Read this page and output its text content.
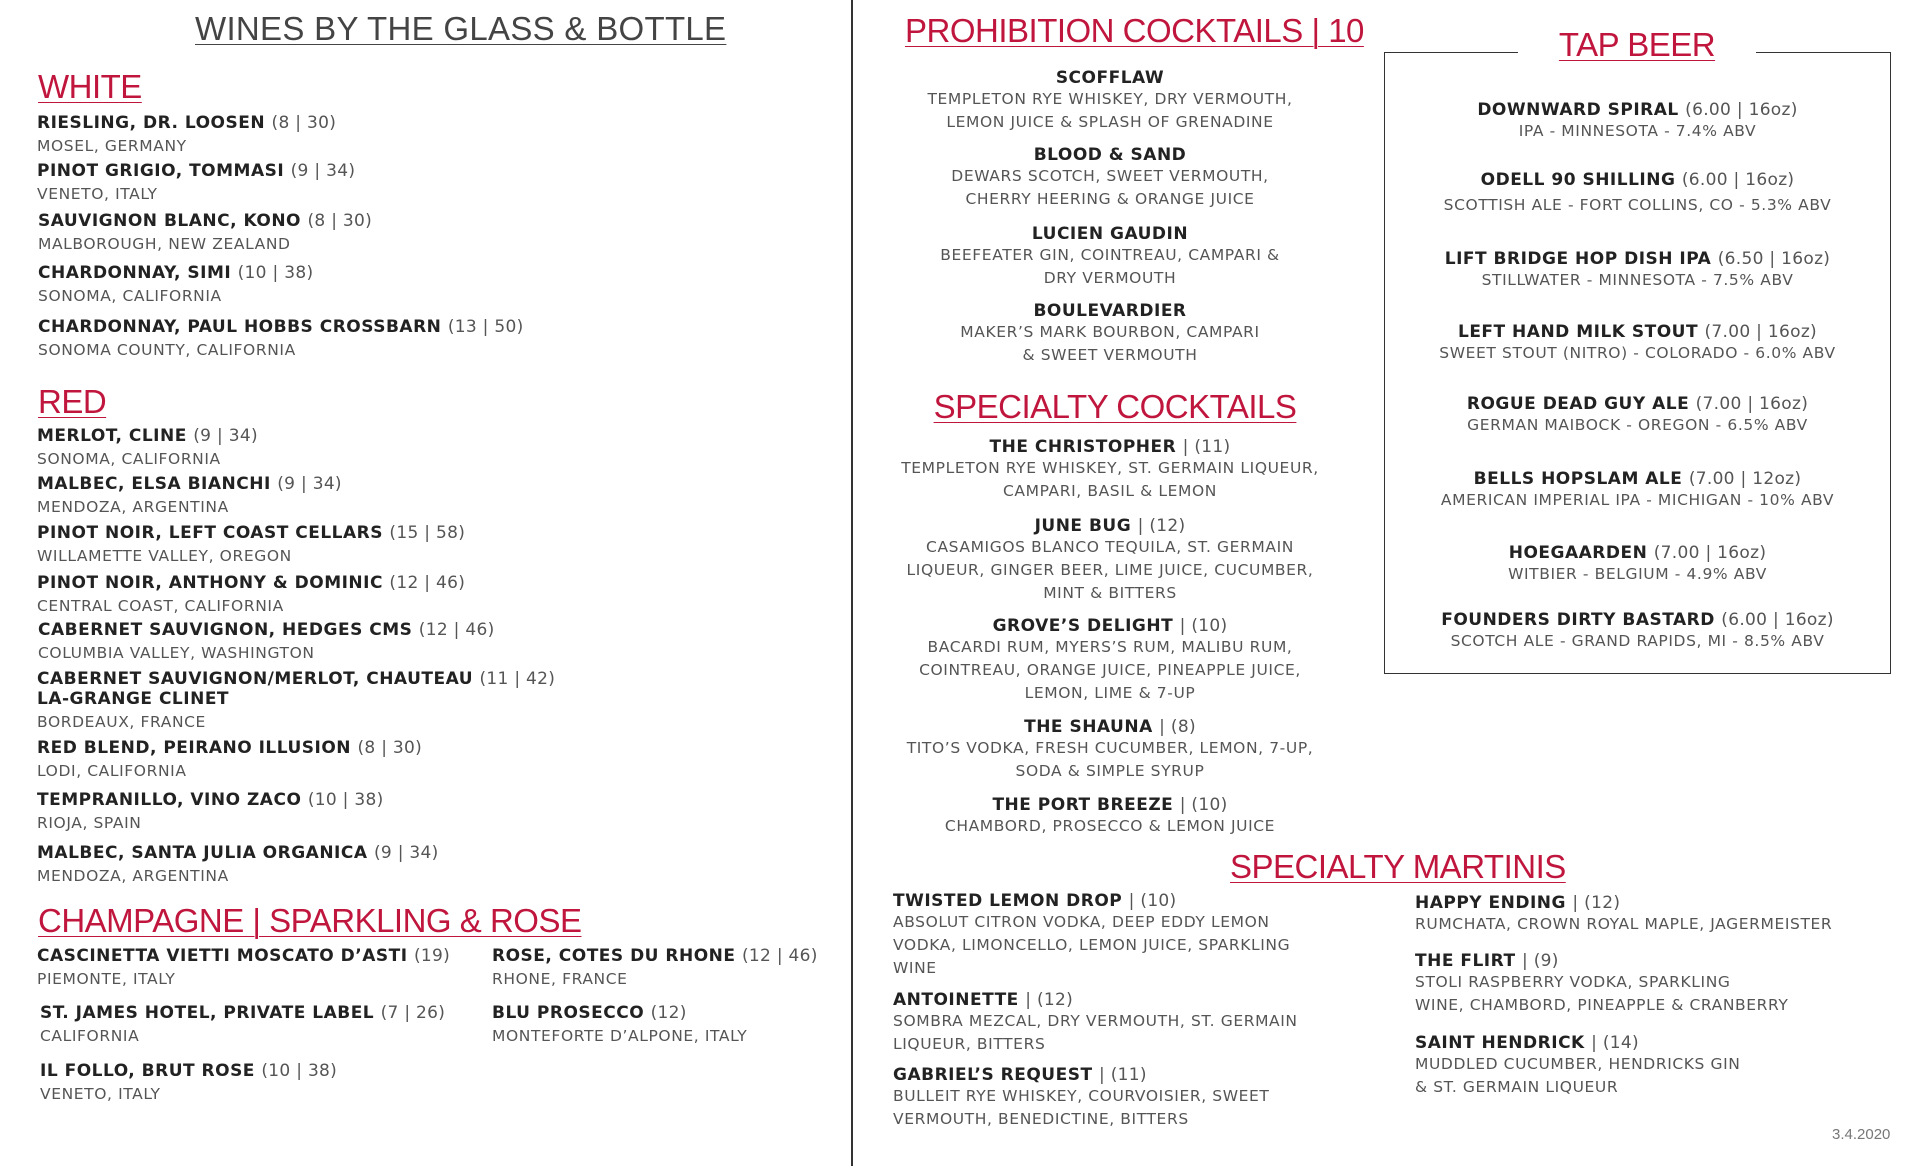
WINES BY THE GLASS & BOTTLE
WHITE
RIESLING, DR. LOOSEN (8 | 30)
MOSEL, GERMANY
PINOT GRIGIO, TOMMASI (9 | 34)
VENETO, ITALY
SAUVIGNON BLANC, KONO (8 | 30)
MALBOROUGH, NEW ZEALAND
CHARDONNAY, SIMI (10 | 38)
SONOMA, CALIFORNIA
CHARDONNAY, PAUL HOBBS CROSSBARN (13 | 50)
SONOMA COUNTY, CALIFORNIA
RED
MERLOT, CLINE (9 | 34)
SONOMA, CALIFORNIA
MALBEC, ELSA BIANCHI (9 | 34)
MENDOZA, ARGENTINA
PINOT NOIR, LEFT COAST CELLARS (15 | 58)
WILLAMETTE VALLEY, OREGON
PINOT NOIR, ANTHONY & DOMINIC (12 | 46)
CENTRAL COAST, CALIFORNIA
CABERNET SAUVIGNON, HEDGES CMS (12 | 46)
COLUMBIA VALLEY, WASHINGTON
CABERNET SAUVIGNON/MERLOT, CHAUTEAU (11 | 42)
LA-GRANGE CLINET
BORDEAUX, FRANCE
RED BLEND, PEIRANO ILLUSION (8 | 30)
LODI, CALIFORNIA
TEMPRANILLO, VINO ZACO (10 | 38)
RIOJA, SPAIN
MALBEC, SANTA JULIA ORGANICA (9 | 34)
MENDOZA, ARGENTINA
CHAMPAGNE | SPARKLING & ROSE
CASCINETTA VIETTI MOSCATO D’ASTI (19)
PIEMONTE, ITALY
ST. JAMES HOTEL, PRIVATE LABEL (7 | 26)
CALIFORNIA
IL FOLLO, BRUT ROSE (10 | 38)
VENETO, ITALY
ROSE, COTES DU RHONE (12 | 46)
RHONE, FRANCE
BLU PROSECCO (12)
MONTEFORTE D’ALPONE, ITALY
PROHIBITION COCKTAILS | 10
SCOFFLAW
TEMPLETON RYE WHISKEY, DRY VERMOUTH,
LEMON JUICE & SPLASH OF GRENADINE
BLOOD & SAND
DEWARS SCOTCH, SWEET VERMOUTH,
CHERRY HEERING & ORANGE JUICE
LUCIEN GAUDIN
BEEFEATER GIN, COINTREAU, CAMPARI &
DRY VERMOUTH
BOULEVARDIER
MAKER’S MARK BOURBON, CAMPARI
& SWEET VERMOUTH
SPECIALTY COCKTAILS
THE CHRISTOPHER | (11)
TEMPLETON RYE WHISKEY, ST. GERMAIN LIQUEUR,
CAMPARI, BASIL & LEMON
JUNE BUG | (12)
CASAMIGOS BLANCO TEQUILA, ST. GERMAIN
LIQUEUR, GINGER BEER, LIME JUICE, CUCUMBER,
MINT & BITTERS
GROVE’S DELIGHT | (10)
BACARDI RUM, MYERS’S RUM, MALIBU RUM,
COINTREAU, ORANGE JUICE, PINEAPPLE JUICE,
LEMON, LIME & 7-UP
THE SHAUNA | (8)
TITO’S VODKA, FRESH CUCUMBER, LEMON, 7-UP,
SODA & SIMPLE SYRUP
THE PORT BREEZE | (10)
CHAMBORD, PROSECCO & LEMON JUICE
TAP BEER
DOWNWARD SPIRAL (6.00 | 16oz)
IPA - MINNESOTA - 7.4% ABV
ODELL 90 SHILLING (6.00 | 16oz)
SCOTTISH ALE - FORT COLLINS, CO - 5.3% ABV
LIFT BRIDGE HOP DISH IPA (6.50 | 16oz)
STILLWATER - MINNESOTA - 7.5% ABV
LEFT HAND MILK STOUT (7.00 | 16oz)
SWEET STOUT (NITRO) - COLORADO - 6.0% ABV
ROGUE DEAD GUY ALE (7.00 | 16oz)
GERMAN MAIBOCK - OREGON - 6.5% ABV
BELLS HOPSLAM ALE (7.00 | 12oz)
AMERICAN IMPERIAL IPA - MICHIGAN - 10% ABV
HOEGAARDEN (7.00 | 16oz)
WITBIER - BELGIUM - 4.9% ABV
FOUNDERS DIRTY BASTARD (6.00 | 16oz)
SCOTCH ALE - GRAND RAPIDS, MI - 8.5% ABV
SPECIALTY MARTINIS
TWISTED LEMON DROP | (10)
ABSOLUT CITRON VODKA, DEEP EDDY LEMON
VODKA, LIMONCELLO, LEMON JUICE, SPARKLING
WINE
ANTOINETTE | (12)
SOMBRA MEZCAL, DRY VERMOUTH, ST. GERMAIN
LIQUEUR, BITTERS
GABRIEL’S REQUEST | (11)
BULLEIT RYE WHISKEY, COURVOISIER, SWEET
VERMOUTH, BENEDICTINE, BITTERS
HAPPY ENDING | (12)
RUMCHATA, CROWN ROYAL MAPLE, JAGERMEISTER
THE FLIRT | (9)
STOLI RASPBERRY VODKA, SPARKLING
WINE, CHAMBORD, PINEAPPLE & CRANBERRY
SAINT HENDRICK | (14)
MUDDLED CUCUMBER, HENDRICKS GIN
& ST. GERMAIN LIQUEUR
3.4.2020
